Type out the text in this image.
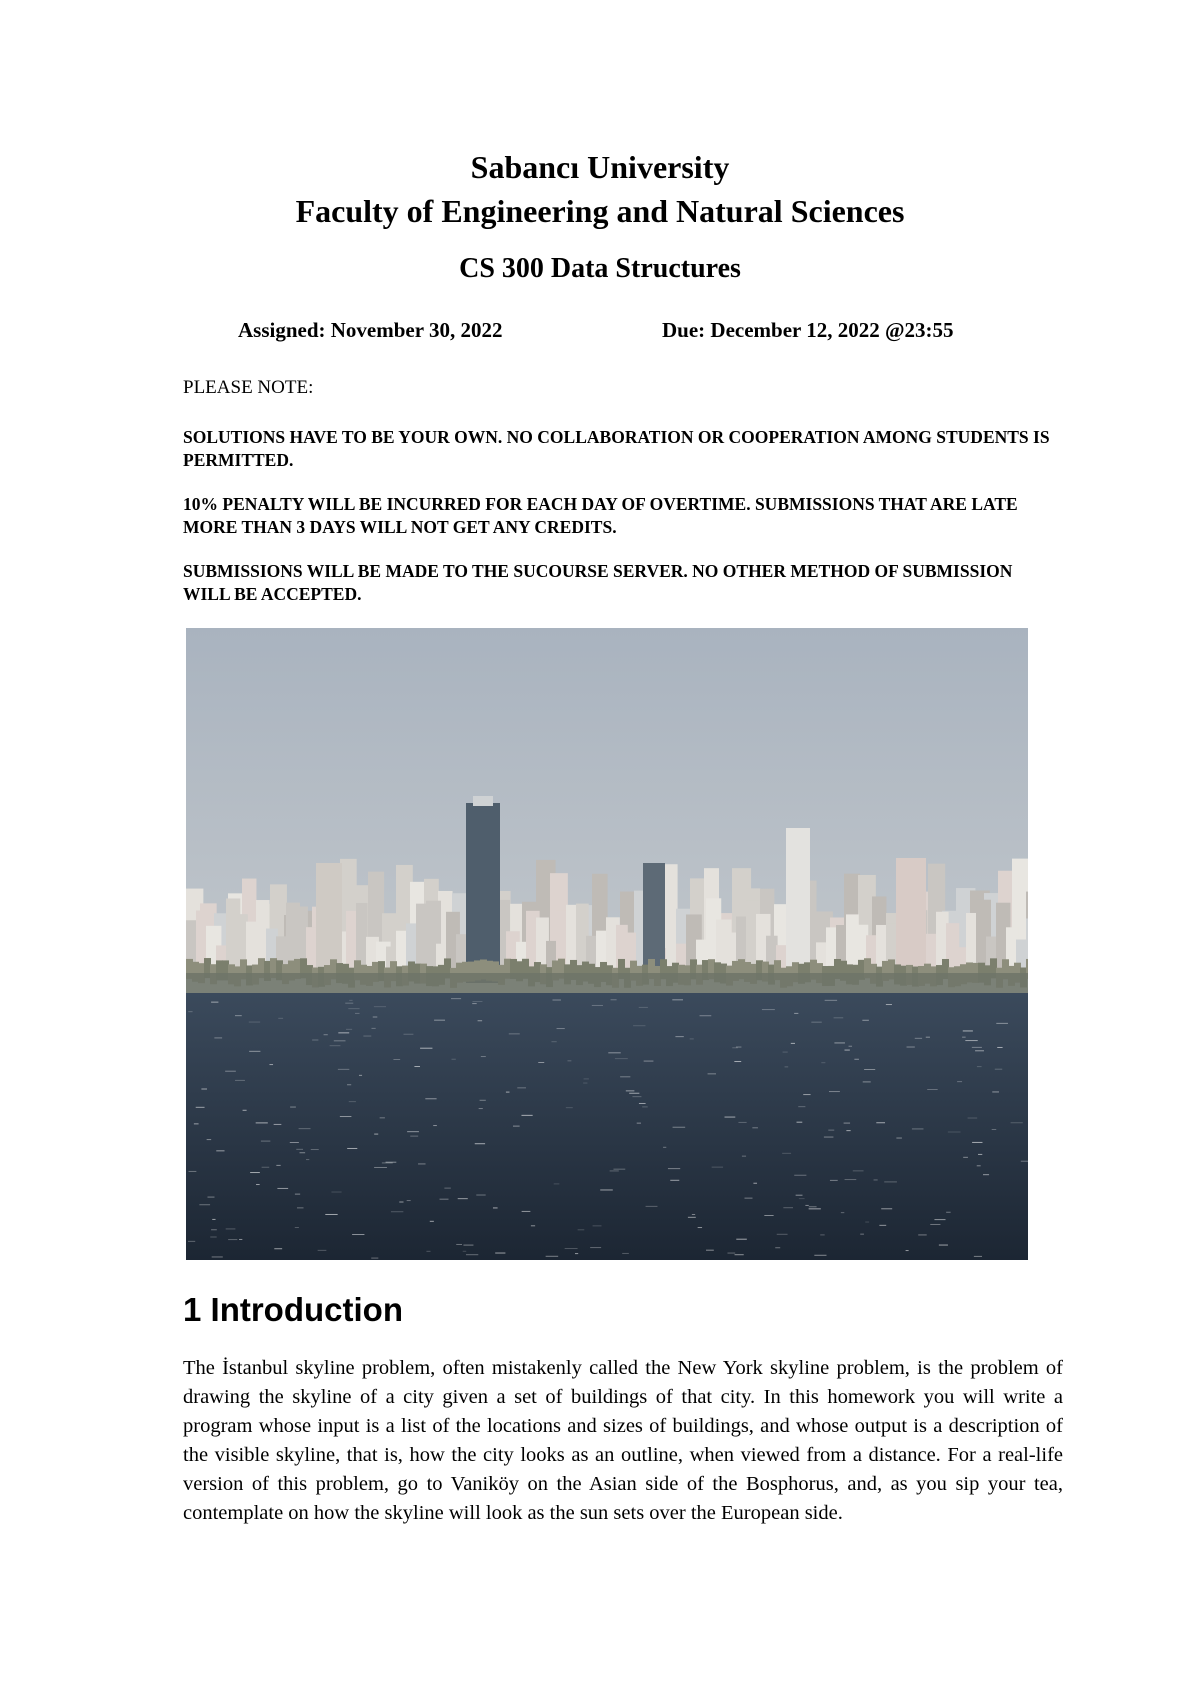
Sabancı University

Faculty of Engineering and Natural Sciences

CS 300 Data Structures

Assigned: November 30, 2022	Due: December 12, 2022 @23:55

PLEASE NOTE:

SOLUTIONS HAVE TO BE YOUR OWN. NO COLLABORATION OR COOPERATION AMONG STUDENTS IS PERMITTED.

10% PENALTY WILL BE INCURRED FOR EACH DAY OF OVERTIME. SUBMISSIONS THAT ARE LATE MORE THAN 3 DAYS WILL NOT GET ANY CREDITS.

SUBMISSIONS WILL BE MADE TO THE SUCOURSE SERVER. NO OTHER METHOD OF SUBMISSION WILL BE ACCEPTED.

1 Introduction

The İstanbul skyline problem, often mistakenly called the New York skyline problem, is the problem of drawing the skyline of a city given a set of buildings of that city. In this homework you will write a program whose input is a list of the locations and sizes of buildings, and whose output is a description of the visible skyline, that is, how the city looks as an outline, when viewed from a distance. For a real-life version of this problem, go to Vaniköy on the Asian side of the Bosphorus, and, as you sip your tea, contemplate on how the skyline will look as the sun sets over the European side.
